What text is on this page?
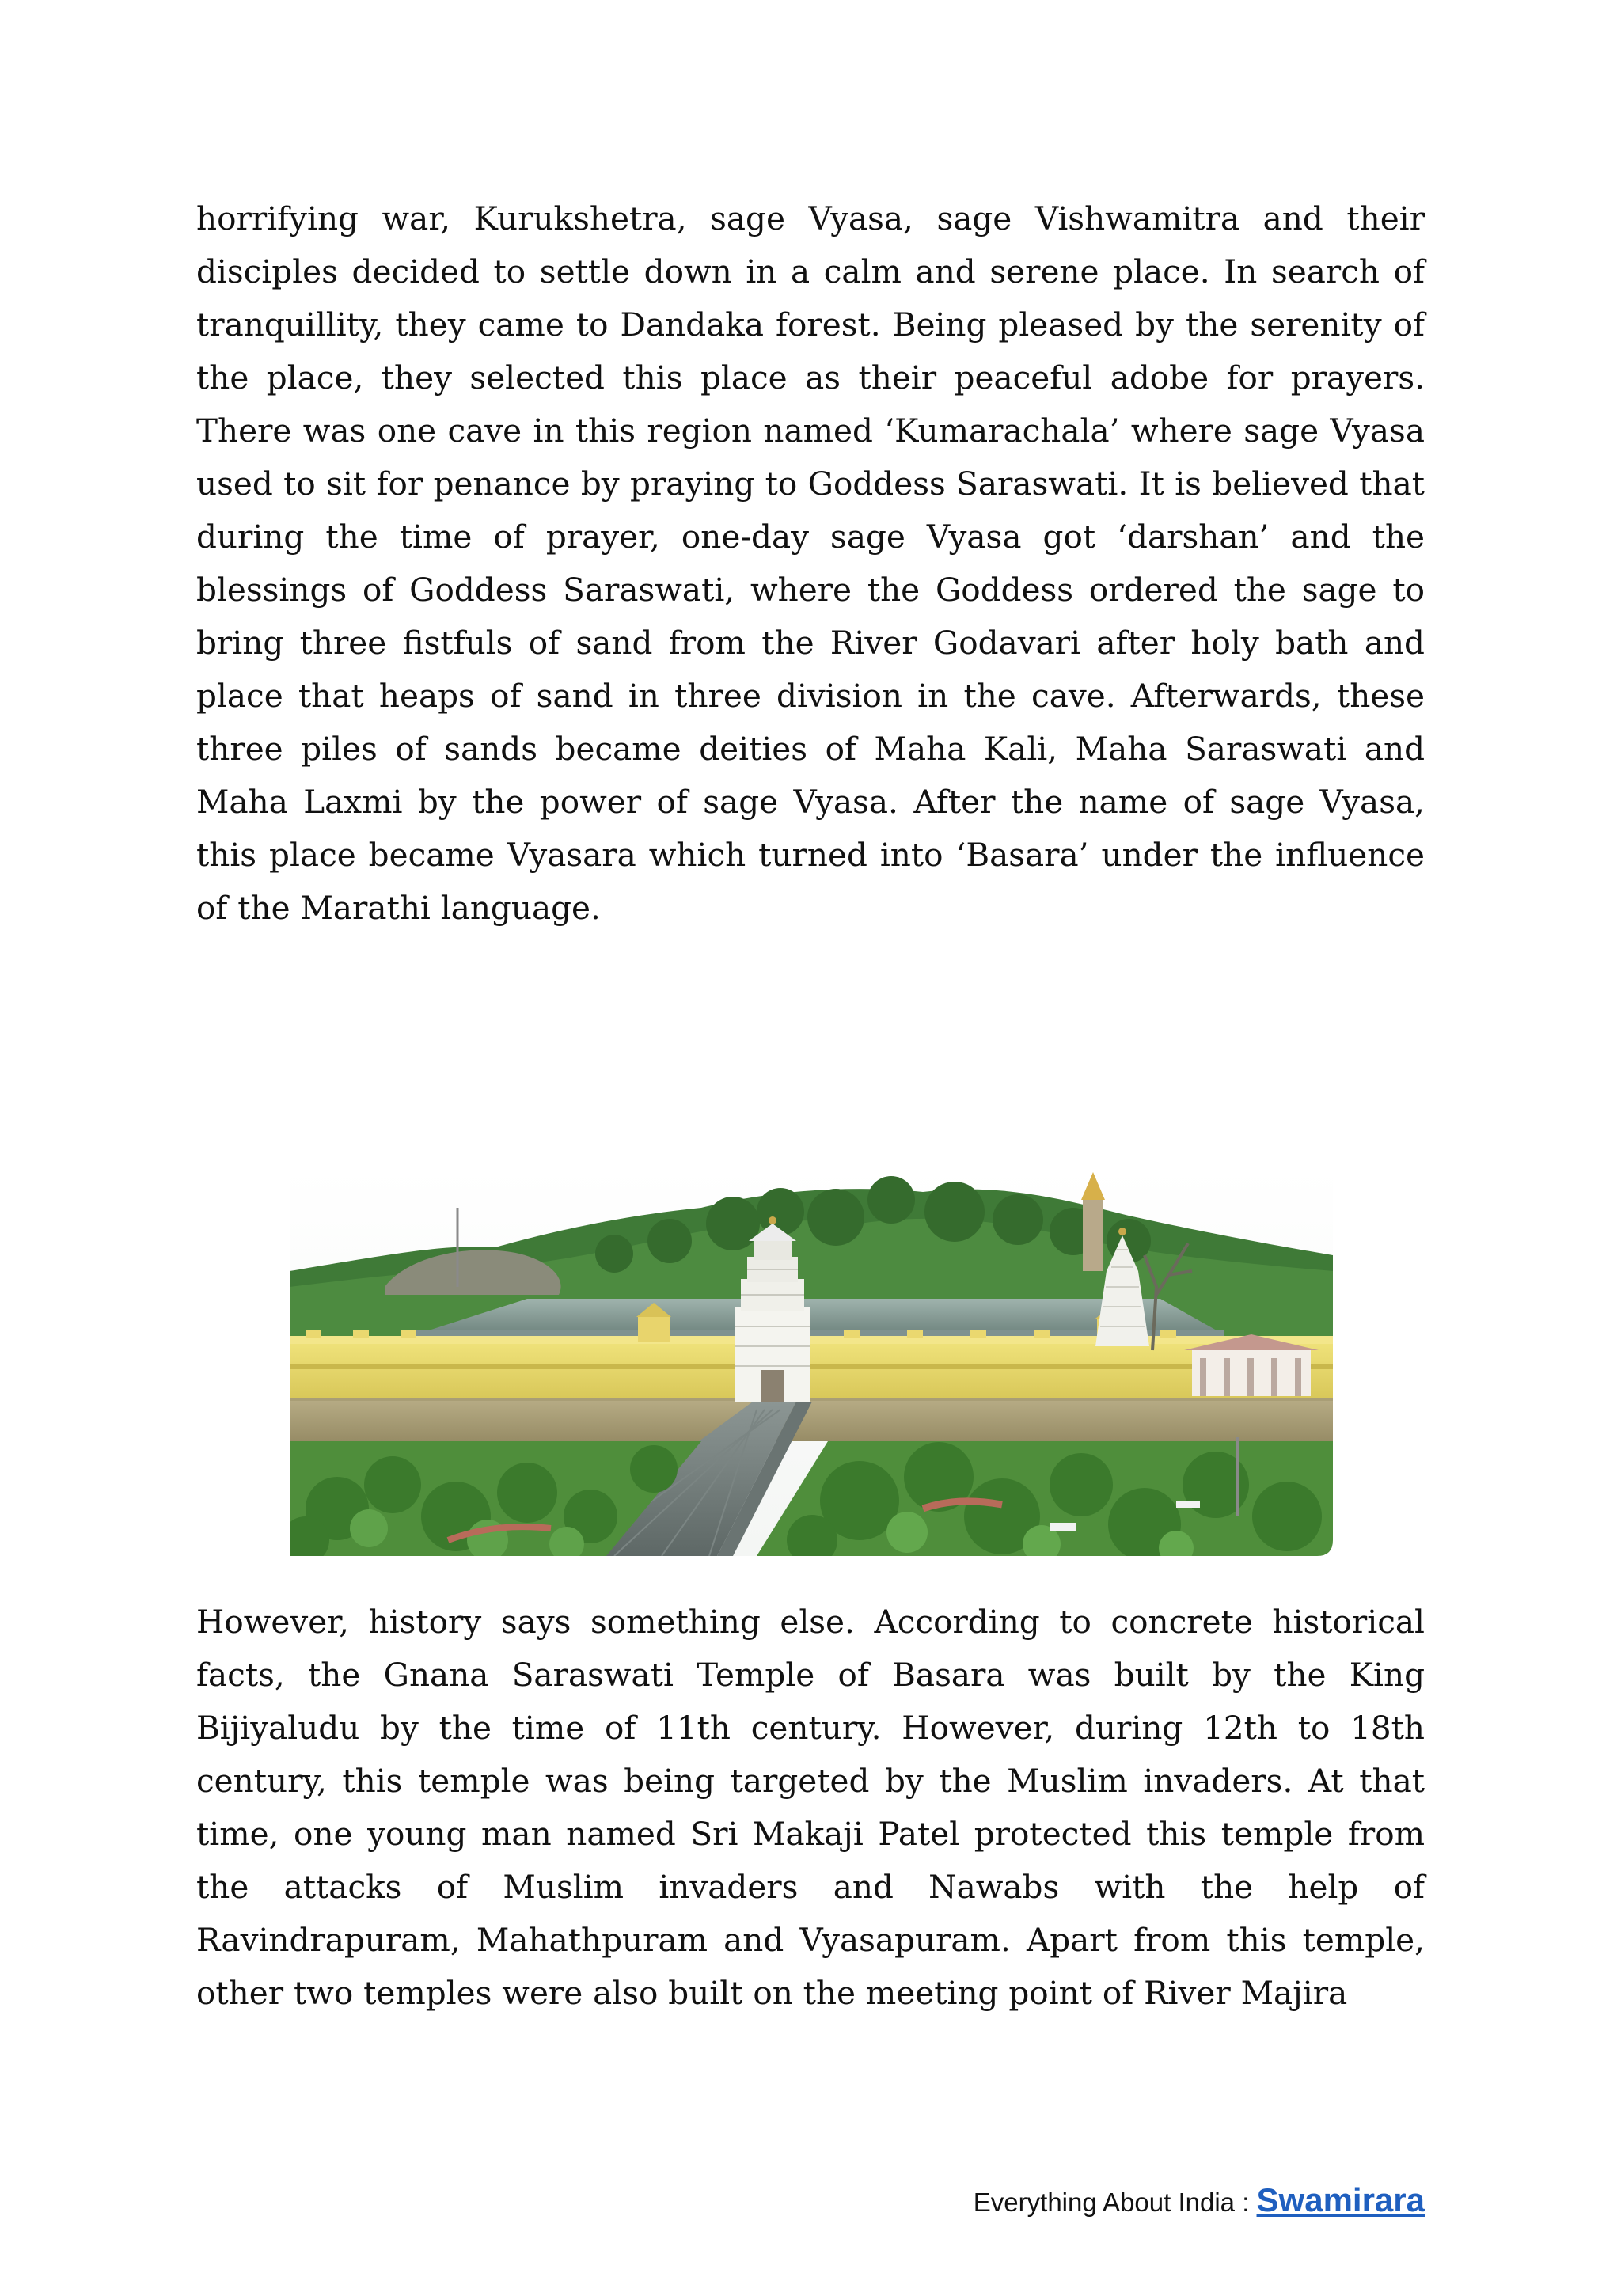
horrifying war, Kurukshetra, sage Vyasa, sage Vishwamitra and their disciples decided to settle down in a calm and serene place. In search of tranquillity, they came to Dandaka forest. Being pleased by the serenity of the place, they selected this place as their peaceful adobe for prayers. There was one cave in this region named ‘Kumarachala’ where sage Vyasa used to sit for penance by praying to Goddess Saraswati. It is believed that during the time of prayer, one-day sage Vyasa got ‘darshan’ and the blessings of Goddess Saraswati, where the Goddess ordered the sage to bring three fistfuls of sand from the River Godavari after holy bath and place that heaps of sand in three division in the cave. Afterwards, these three piles of sands became deities of Maha Kali, Maha Saraswati and Maha Laxmi by the power of sage Vyasa. After the name of sage Vyasa, this place became Vyasara which turned into ‘Basara’ under the influence of the Marathi language.

However, history says something else. According to concrete historical facts, the Gnana Saraswati Temple of Basara was built by the King Bijiyaludu by the time of 11th century. However, during 12th to 18th century, this temple was being targeted by the Muslim invaders. At that time, one young man named Sri Makaji Patel protected this temple from the attacks of Muslim invaders and Nawabs with the help of Ravindrapuram, Mahathpuram and Vyasapuram. Apart from this temple, other two temples were also built on the meeting point of River Majira

Everything About India : Swamirara
